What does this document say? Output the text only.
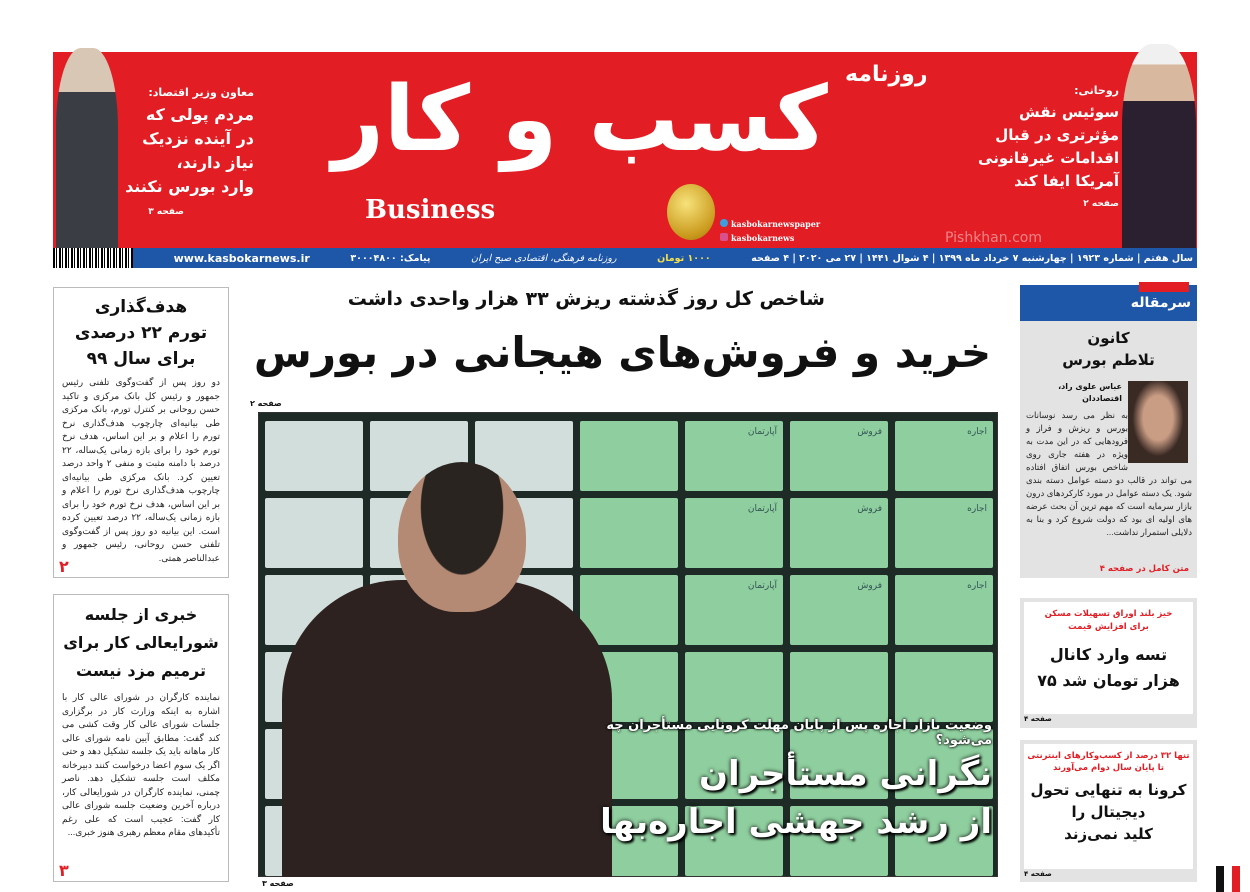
معاون وزیر اقتصاد:
مردم پولی که
در آینده نزدیک
نیاز دارند،
وارد بورس نکنند
صفحه ۳
روزنامه
کسب و کار
Business	kasbokarnewspaper
kasbokarnews
روحانی:
سوئیس نقش
مؤثرتری در قبال
اقدامات غیرقانونی
آمریکا ایفا کند
صفحه ۲
Pishkhan.com
سال هفتم | شماره ۱۹۲۳ | چهارشنبه ۷ خرداد ماه ۱۳۹۹ | ۴ شوال ۱۴۴۱ | ۲۷ می ۲۰۲۰ | ۴ صفحه
۱۰۰۰ تومان
روزنامه فرهنگی، اقتصادی صبح ایران
پیامک: ۳۰۰۰۴۸۰۰
www.kasbokarnews.ir
شاخص کل روز گذشته ریزش ۳۳ هزار واحدی داشت
خرید و فروش‌های هیجانی در بورس
صفحه ۲
آپارتمان	فروش	اجاره
آپارتمان	فروش	اجاره
آپارتمان	فروش	اجاره
وضعیت بازار اجاره پس از پایان مهلت کرونایی مستأجران چه می‌شود؟
نگرانی مستأجران
از رشد جهشی اجاره‌بها
صفحه ۳
هدف‌گذاری
تورم ۲۲ درصدی
برای سال ۹۹
دو روز پس از گفت‌وگوی تلفنی رئیس جمهور و رئیس کل بانک مرکزی و تاکید حسن روحانی بر کنترل تورم، بانک مرکزی طی بیانیه‌ای چارچوب هدف‌گذاری نرخ تورم را اعلام و بر این اساس، هدف نرخ تورم خود را برای بازه زمانی یک‌ساله، ۲۲ درصد با دامنه مثبت و منفی ۲ واحد درصد تعیین کرد. بانک مرکزی طی بیانیه‌ای چارچوب هدف‌گذاری نرخ تورم را اعلام و بر این اساس، هدف نرخ تورم خود را برای بازه زمانی یک‌ساله، ۲۲ درصد تعیین کرده است. این بیانیه دو روز پس از گفت‌وگوی تلفنی حسن روحانی، رئیس جمهور و عبدالناصر همتی.
۲
خبری از جلسه
شورایعالی کار برای
ترمیم مزد نیست
نماینده کارگران در شورای عالی کار با اشاره به اینکه وزارت کار در برگزاری جلسات شورای عالی کار وقت کشی می کند گفت: مطابق آیین نامه شورای عالی کار ماهانه باید یک جلسه تشکیل دهد و حتی اگر یک سوم اعضا درخواست کنند دبیرخانه مکلف است جلسه تشکیل دهد. ناصر چمنی، نماینده کارگران در شورایعالی کار، درباره آخرین وضعیت جلسه شورای عالی کار گفت: عجیب است که علی رغم تأکیدهای مقام معظم رهبری هنوز خبری...
۳
سرمقاله
کانون
تلاطم بورس
عباس علوی راد،
اقتصاددان
به نظر می رسد نوسانات بورس و ریزش و فراز و فرودهایی که در این مدت به ویژه در هفته جاری روی شاخص بورس اتفاق افتاده می تواند در قالب دو دسته عوامل دسته بندی شود. یک دسته عوامل در مورد کارکردهای درون بازار سرمایه است که مهم ترین آن بحث عرضه های اولیه ای بود که دولت شروع کرد و بنا به دلایلی استمرار نداشت...
متن کامل در صفحه ۴
خیز بلند اوراق تسهیلات مسکن برای افزایش قیمت
تسه وارد کانال
۷۵ هزار تومان شد
صفحه ۴
تنها ۳۲ درصد از کسب‌وکارهای اینترنتی تا پایان سال دوام می‌آورند
کرونا به تنهایی تحول
دیجیتال را
کلید نمی‌زند
صفحه ۴
